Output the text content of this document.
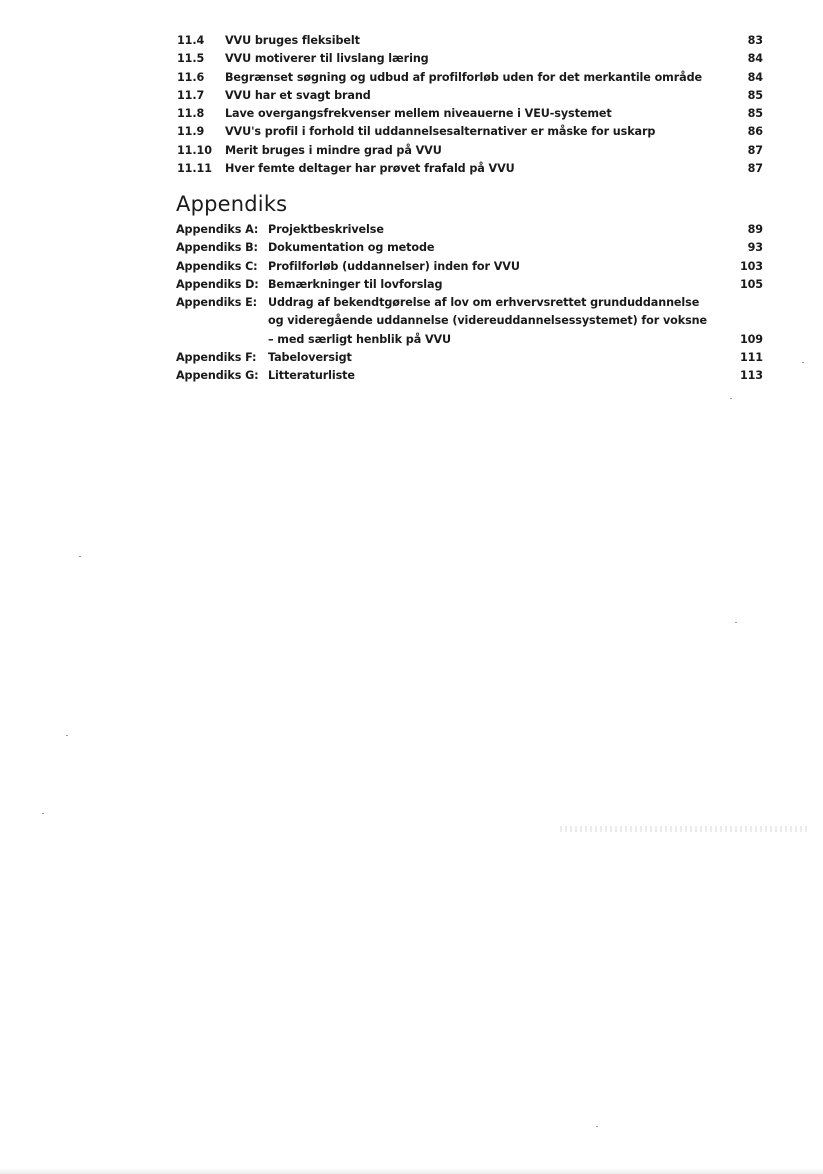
11.4	VVU bruges fleksibelt	83
11.5	VVU motiverer til livslang læring	84
11.6	Begrænset søgning og udbud af profilforløb uden for det merkantile område	84
11.7	VVU har et svagt brand	85
11.8	Lave overgangsfrekvenser mellem niveauerne i VEU-systemet	85
11.9	VVU's profil i forhold til uddannelsesalternativer er måske for uskarp	86
11.10	Merit bruges i mindre grad på VVU	87
11.11	Hver femte deltager har prøvet frafald på VVU	87
Appendiks
Appendiks A: Projektbeskrivelse	89
Appendiks B: Dokumentation og metode	93
Appendiks C: Profilforløb (uddannelser) inden for VVU	103
Appendiks D: Bemærkninger til lovforslag	105
Appendiks E: Uddrag af bekendtgørelse af lov om erhvervsrettet grunduddannelse
og videregående uddannelse (videreuddannelsessystemet) for voksne
– med særligt henblik på VVU	109
Appendiks F:	Tabeloversigt	111
Appendiks G: Litteraturliste	113
